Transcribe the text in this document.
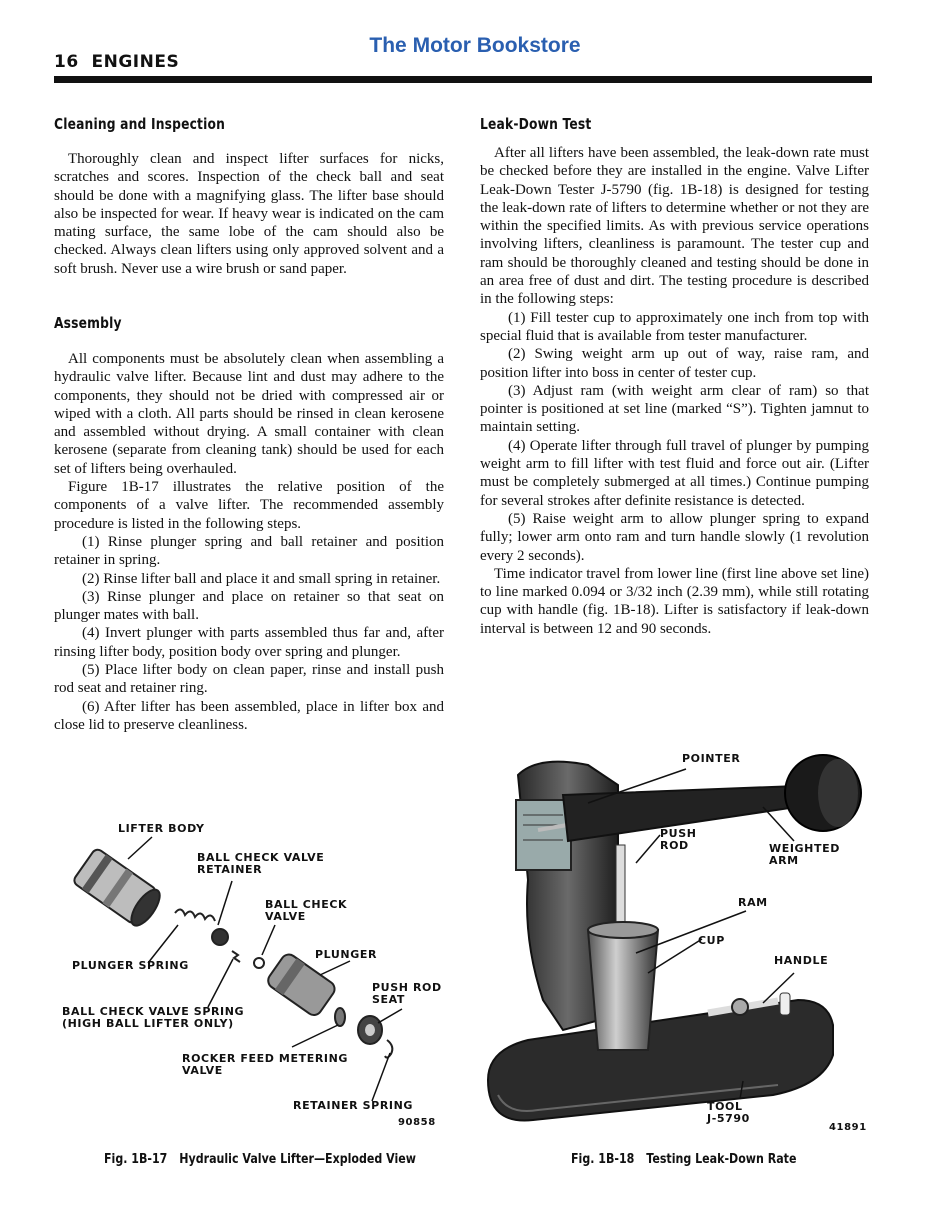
16 ENGINES
The Motor Bookstore
Cleaning and Inspection

Thoroughly clean and inspect lifter surfaces for nicks, scratches and scores. Inspection of the check ball and seat should be done with a magnifying glass. The lifter base should also be inspected for wear. If heavy wear is indicated on the cam mating surface, the same lobe of the cam should also be checked. Always clean lifters using only approved solvent and a soft brush. Never use a wire brush or sand paper.

Assembly

All components must be absolutely clean when assembling a hydraulic valve lifter. Because lint and dust may adhere to the components, they should not be dried with compressed air or wiped with a cloth. All parts should be rinsed in clean kerosene and assembled without drying. A small container with clean kerosene (separate from cleaning tank) should be used for each set of lifters being overhauled.

Figure 1B-17 illustrates the relative position of the components of a valve lifter. The recommended assembly procedure is listed in the following steps.

(1) Rinse plunger spring and ball retainer and position retainer in spring.

(2) Rinse lifter ball and place it and small spring in retainer.

(3) Rinse plunger and place on retainer so that seat on plunger mates with ball.

(4) Invert plunger with parts assembled thus far and, after rinsing lifter body, position body over spring and plunger.

(5) Place lifter body on clean paper, rinse and install push rod seat and retainer ring.

(6) After lifter has been assembled, place in lifter box and close lid to preserve cleanliness.

Leak-Down Test

After all lifters have been assembled, the leak-down rate must be checked before they are installed in the engine. Valve Lifter Leak-Down Tester J-5790 (fig. 1B-18) is designed for testing the leak-down rate of lifters to determine whether or not they are within the specified limits. As with previous service operations involving lifters, cleanliness is paramount. The tester cup and ram should be thoroughly cleaned and testing should be done in an area free of dust and dirt. The testing procedure is described in the following steps:

(1) Fill tester cup to approximately one inch from top with special fluid that is available from tester manufacturer.

(2) Swing weight arm up out of way, raise ram, and position lifter into boss in center of tester cup.

(3) Adjust ram (with weight arm clear of ram) so that pointer is positioned at set line (marked “S”). Tighten jamnut to maintain setting.

(4) Operate lifter through full travel of plunger by pumping weight arm to fill lifter with test fluid and force out air. (Lifter must be completely submerged at all times.) Continue pumping for several strokes after definite resistance is detected.

(5) Raise weight arm to allow plunger spring to expand fully; lower arm onto ram and turn handle slowly (1 revolution every 2 seconds).

Time indicator travel from lower line (first line above set line) to line marked 0.094 or 3/32 inch (2.39 mm), while still rotating cup with handle (fig. 1B-18). Lifter is satisfactory if leak-down interval is between 12 and 90 seconds.

LIFTER BODY
BALL CHECK VALVE
RETAINER
BALL CHECK
VALVE
PLUNGER
PLUNGER SPRING
PUSH ROD
SEAT
BALL CHECK VALVE SPRING
(HIGH BALL LIFTER ONLY)
ROCKER FEED METERING
VALVE
RETAINER SPRING
90858
Fig. 1B-17 Hydraulic Valve Lifter—Exploded View
POINTER
PUSH
ROD	WEIGHTED
ARM
RAM
CUP
HANDLE
TOOL
J-5790
41891
Fig. 1B-18 Testing Leak-Down Rate
